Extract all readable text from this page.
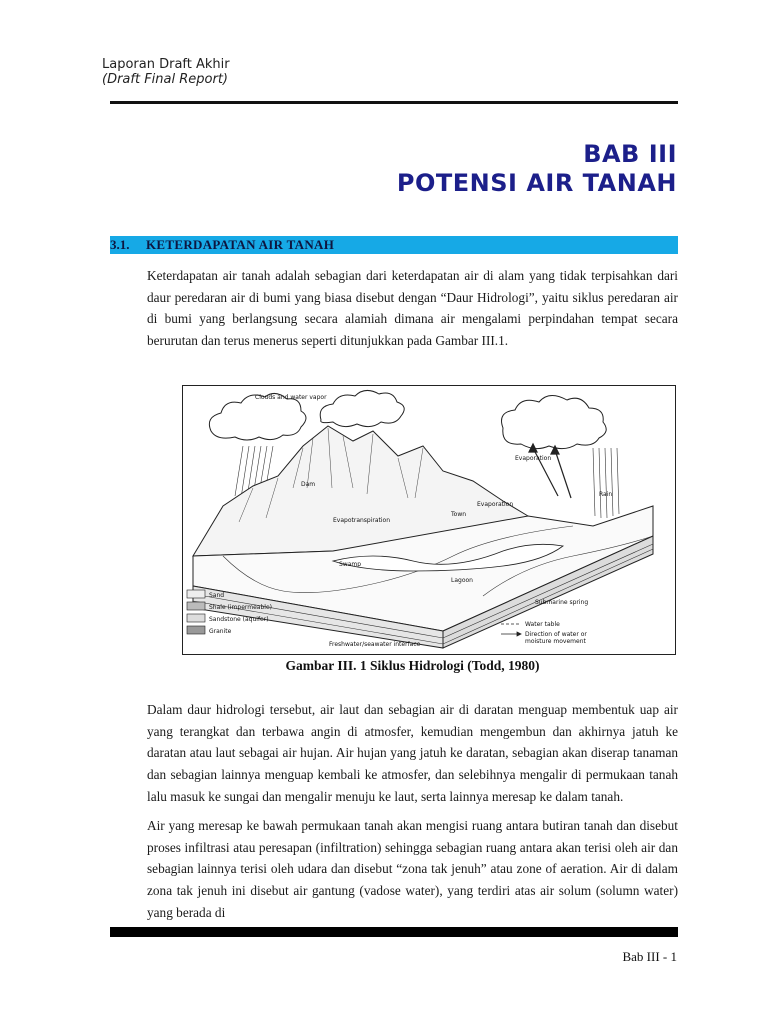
Laporan Draft Akhir
(Draft Final Report)
BAB III
POTENSI AIR TANAH
3.1. KETERDAPATAN AIR TANAH
Keterdapatan air tanah adalah sebagian dari keterdapatan air di alam yang tidak terpisahkan dari daur peredaran air di bumi yang biasa disebut dengan “Daur Hidrologi”, yaitu siklus peredaran air di bumi yang berlangsung secara alamiah dimana air mengalami perpindahan tempat secara berurutan dan terus menerus seperti ditunjukkan pada Gambar III.1.
Clouds and water vapor
Evaporation
Rain
Dam
Evapotranspiration
Town
Evaporation
Swamp
Lagoon
Submarine spring
Freshwater/seawater interface
Water table
Direction of water or
moisture movement
Sand
Shale (impermeable)
Sandstone (aquifer)
Granite
Gambar III. 1 Siklus Hidrologi (Todd, 1980)
Dalam daur hidrologi tersebut, air laut dan sebagian air di daratan menguap membentuk uap air yang terangkat dan terbawa angin di atmosfer, kemudian mengembun dan akhirnya jatuh ke daratan atau laut sebagai air hujan. Air hujan yang jatuh ke daratan, sebagian akan diserap tanaman dan sebagian lainnya menguap kembali ke atmosfer, dan selebihnya mengalir di permukaan tanah lalu masuk ke sungai dan mengalir menuju ke laut, serta lainnya meresap ke dalam tanah.
Air yang meresap ke bawah permukaan tanah akan mengisi ruang antara butiran tanah dan disebut proses infiltrasi atau peresapan (infiltration) sehingga sebagian ruang antara akan terisi oleh air dan sebagian lainnya terisi oleh udara dan disebut “zona tak jenuh” atau zone of aeration. Air di dalam zona tak jenuh ini disebut air gantung (vadose water), yang terdiri atas air solum (solumn water) yang berada di
Bab III - 1
